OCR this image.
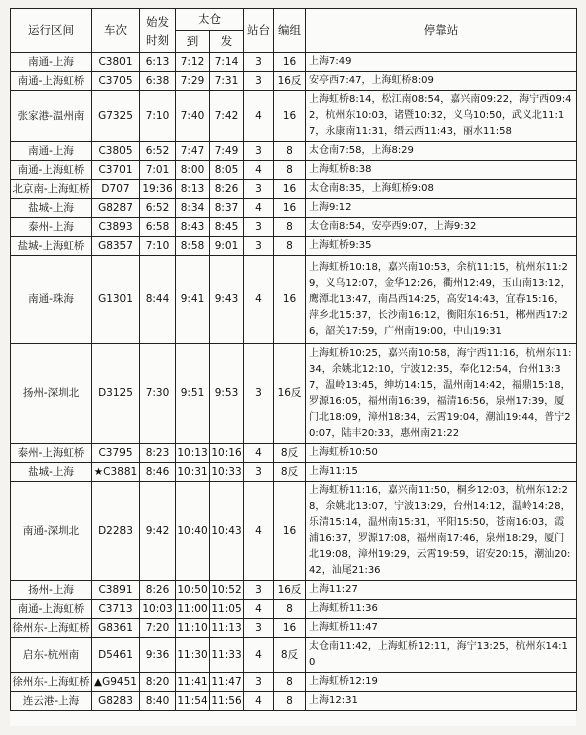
运行区间	车次	始发时刻	太仓		站台	编组	停靠站
			到	发			
南通-上海	C3801	6:13	7:12	7:14	3	16	上海7:49
南通-上海虹桥	C3705	6:38	7:29	7:31	3	16反	安亭西7:47，上海虹桥8:09
张家港-温州南	G7325	7:10	7:40	7:42	4	16	上海虹桥8:14，松江南08:54，嘉兴南09:22，海宁西09:42，杭州东10:03，诸暨10:32，义乌10:50，武义北11:17，永康南11:31，缙云西11:43，丽水11:58
南通-上海	C3805	6:52	7:47	7:49	3	8	太仓南7:58，上海8:29
南通-上海虹桥	C3701	7:01	8:00	8:05	4	8	上海虹桥8:38
北京南-上海虹桥	D707	19:36	8:13	8:26	3	16	太仓南8:35，上海虹桥9:08
盐城-上海	G8287	6:52	8:34	8:37	4	16	上海9:12
泰州-上海	C3893	6:58	8:43	8:45	3	8	太仓南8:54，安亭西9:07，上海9:32
盐城-上海虹桥	G8357	7:10	8:58	9:01	3	8	上海虹桥9:35
南通-珠海	G1301	8:44	9:41	9:43	4	16	上海虹桥10:18，嘉兴南10:53，余杭11:15，杭州东11:29，义乌12:07，金华12:26，衢州12:49，玉山南13:12，鹰潭北13:47，南昌西14:25，高安14:43，宜春15:16，萍乡北15:37，长沙南16:12，衡阳东16:51，郴州西17:26，韶关17:59，广州南19:00，中山19:31
扬州-深圳北	D3125	7:30	9:51	9:53	3	16反	上海虹桥10:25，嘉兴南10:58，海宁西11:16，杭州东11:34，余姚北12:10，宁波12:35，奉化12:54，台州13:37，温岭13:45，绅坊14:15，温州南14:42，福鼎15:18，罗源16:05，福州南16:39，福清16:56，泉州17:39，厦门北18:09，漳州18:34，云霄19:04，潮汕19:44，普宁20:07，陆丰20:33，惠州南21:22
泰州-上海虹桥	C3795	8:23	10:13	10:16	4	8反	上海虹桥10:50
盐城-上海	★C3881	8:46	10:31	10:33	3	8反	上海11:15
南通-深圳北	D2283	9:42	10:40	10:43	4	16	上海虹桥11:16，嘉兴南11:50，桐乡12:03，杭州东12:28，余姚北13:07，宁波13:29，台州14:12，温岭14:28，乐清15:14，温州南15:31，平阳15:50，苍南16:03，霞浦16:37，罗源17:08，福州南17:46，泉州18:29，厦门北19:08，漳州19:29，云霄19:59，诏安20:15，潮汕20:42，汕尾21:36
扬州-上海	C3891	8:26	10:50	10:52	3	16反	上海11:27
南通-上海虹桥	C3713	10:03	11:00	11:05	4	8	上海虹桥11:36
徐州东-上海虹桥	G8361	7:20	11:10	11:13	3	16	上海虹桥11:47
启东-杭州南	D5461	9:36	11:30	11:33	4	8反	太仓南11:42，上海虹桥12:11，海宁13:25，杭州东14:10
徐州东-上海虹桥	▲G9451	8:20	11:41	11:47	3	8	上海虹桥12:19
连云港-上海	G8283	8:40	11:54	11:56	4	8	上海12:31
